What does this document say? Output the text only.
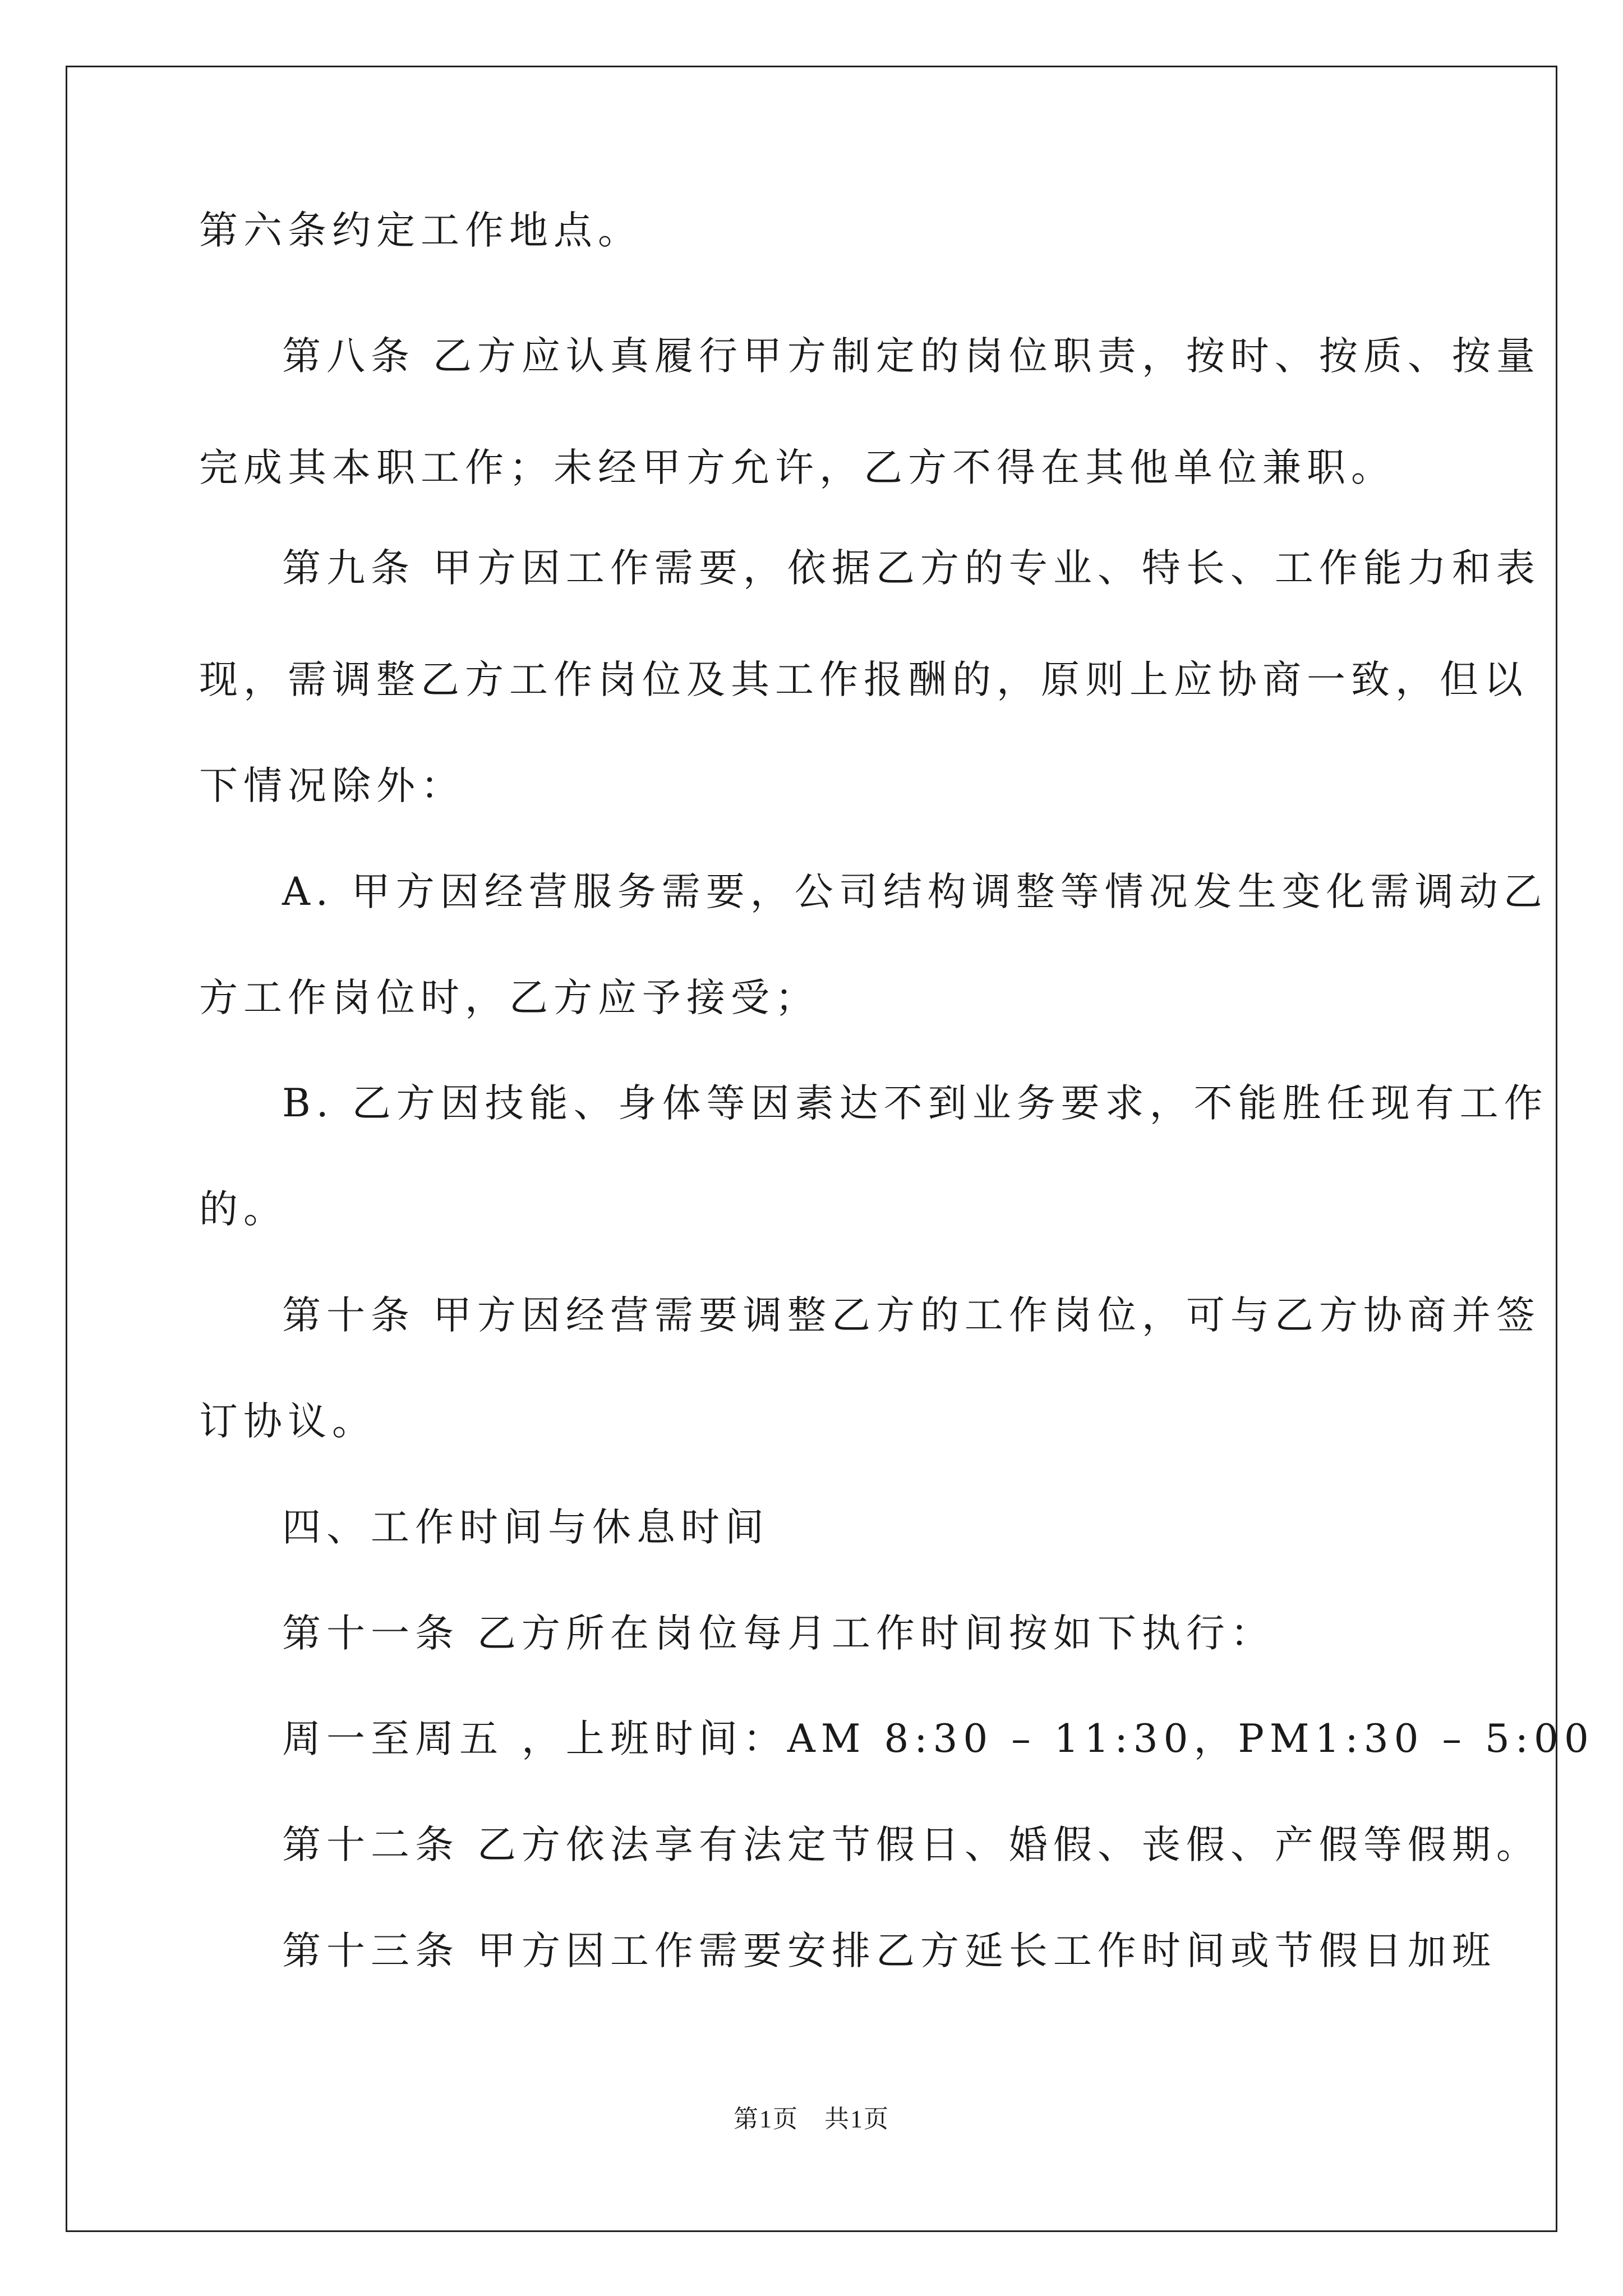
第六条约定工作地点。
第八条 乙方应认真履行甲方制定的岗位职责，按时、按质、按量
完成其本职工作；未经甲方允许，乙方不得在其他单位兼职。
第九条 甲方因工作需要，依据乙方的专业、特长、工作能力和表
现，需调整乙方工作岗位及其工作报酬的，原则上应协商一致，但以
下情况除外：
A. 甲方因经营服务需要，公司结构调整等情况发生变化需调动乙
方工作岗位时，乙方应予接受；
B. 乙方因技能、身体等因素达不到业务要求，不能胜任现有工作
的。
第十条 甲方因经营需要调整乙方的工作岗位，可与乙方协商并签
订协议。
四、工作时间与休息时间
第十一条 乙方所在岗位每月工作时间按如下执行：
周一至周五 ，上班时间：AM 8:30 – 11:30，PM1:30 – 5:00
第十二条 乙方依法享有法定节假日、婚假、丧假、产假等假期。
第十三条 甲方因工作需要安排乙方延长工作时间或节假日加班
第1页　共1页
